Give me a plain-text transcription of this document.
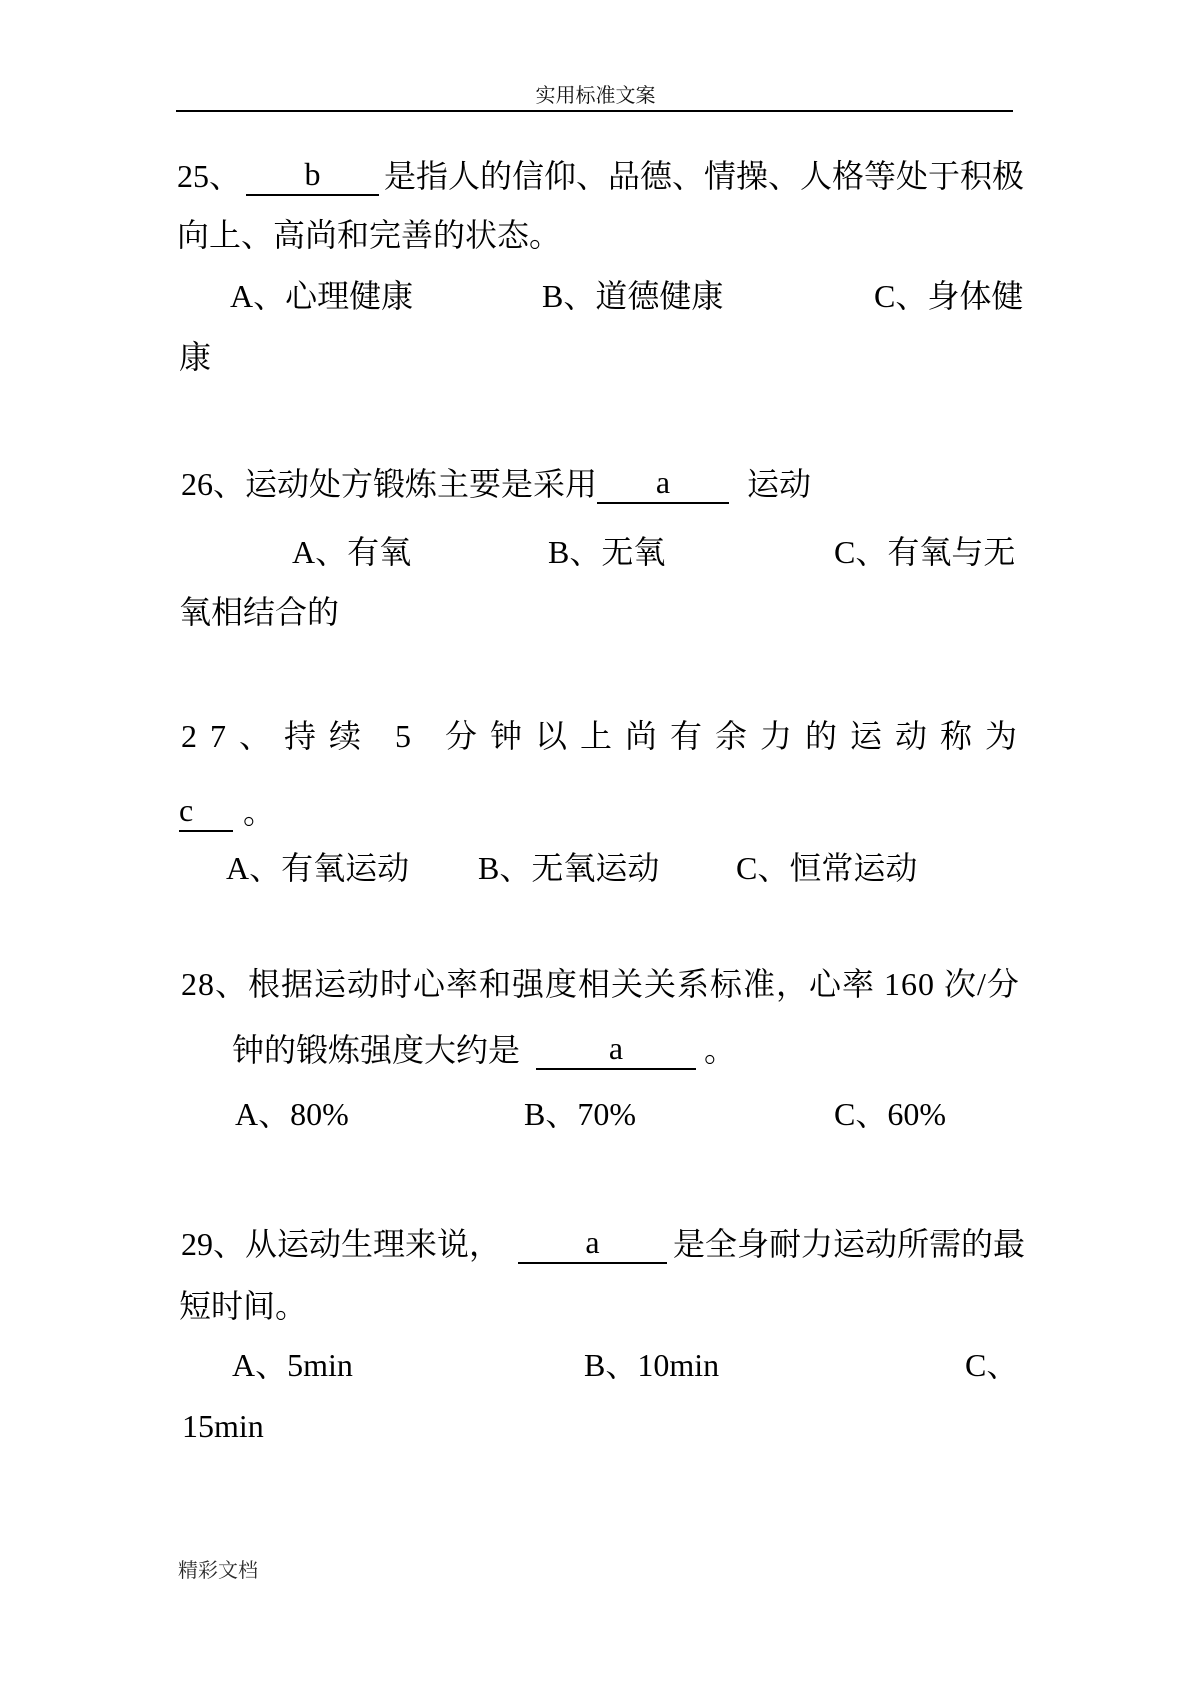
实用标准文案
25、 b 是指人的信仰、品德、情操、人格等处于积极
向上、高尚和完善的状态。
A、心理健康	B、道德健康	C、身体健
康
26、运动处方锻炼主要是采用 a 运动
A、有氧	B、无氧	C、有氧与无
氧相结合的
27、持续 5 分钟以上尚有余力的运动称为
c 。
A、有氧运动 B、无氧运动 C、恒常运动
28、根据运动时心率和强度相关关系标准，心率 160 次/分
钟的锻炼强度大约是	a	。
A、80%	B、70%	C、60%
29、从运动生理来说，	a 是全身耐力运动所需的最
短时间。
A、5min	B、10min	C、
15min
精彩文档
